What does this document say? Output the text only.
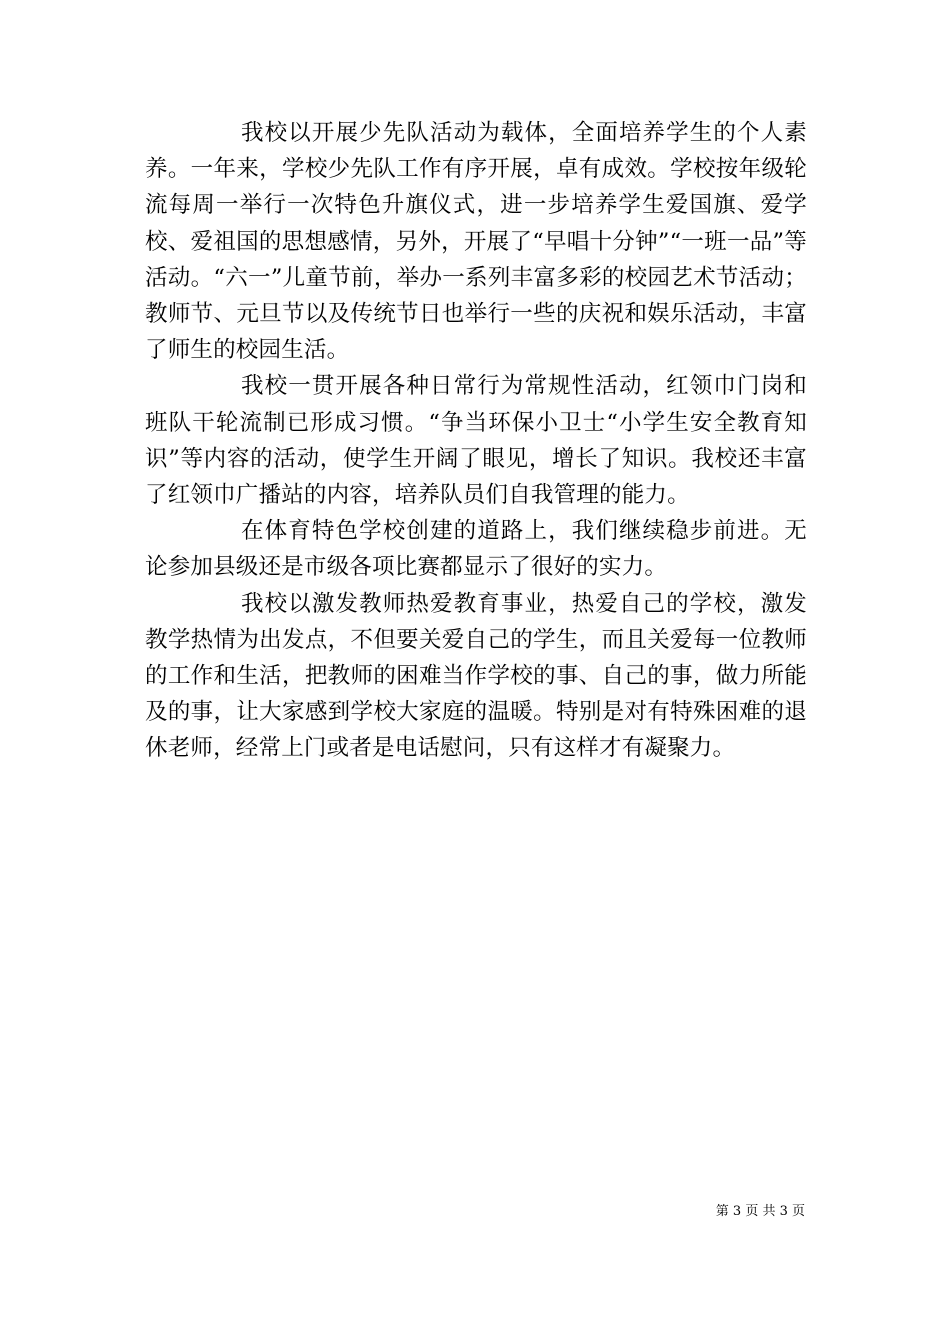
我校以开展少先队活动为载体，全面培养学生的个人素养。一年来，学校少先队工作有序开展，卓有成效。学校按年级轮流每周一举行一次特色升旗仪式，进一步培养学生爱国旗、爱学校、爱祖国的思想感情，另外，开展了“早唱十分钟”“一班一品”等活动。“六一”儿童节前，举办一系列丰富多彩的校园艺术节活动；教师节、元旦节以及传统节日也举行一些的庆祝和娱乐活动，丰富了师生的校园生活。

我校一贯开展各种日常行为常规性活动，红领巾门岗和班队干轮流制已形成习惯。“争当环保小卫士“小学生安全教育知识”等内容的活动，使学生开阔了眼见，增长了知识。我校还丰富了红领巾广播站的内容，培养队员们自我管理的能力。

在体育特色学校创建的道路上，我们继续稳步前进。无论参加县级还是市级各项比赛都显示了很好的实力。

我校以激发教师热爱教育事业，热爱自己的学校，激发教学热情为出发点，不但要关爱自己的学生，而且关爱每一位教师的工作和生活，把教师的困难当作学校的事、自己的事，做力所能及的事，让大家感到学校大家庭的温暖。特别是对有特殊困难的退休老师，经常上门或者是电话慰问，只有这样才有凝聚力。

第 3 页 共 3 页
